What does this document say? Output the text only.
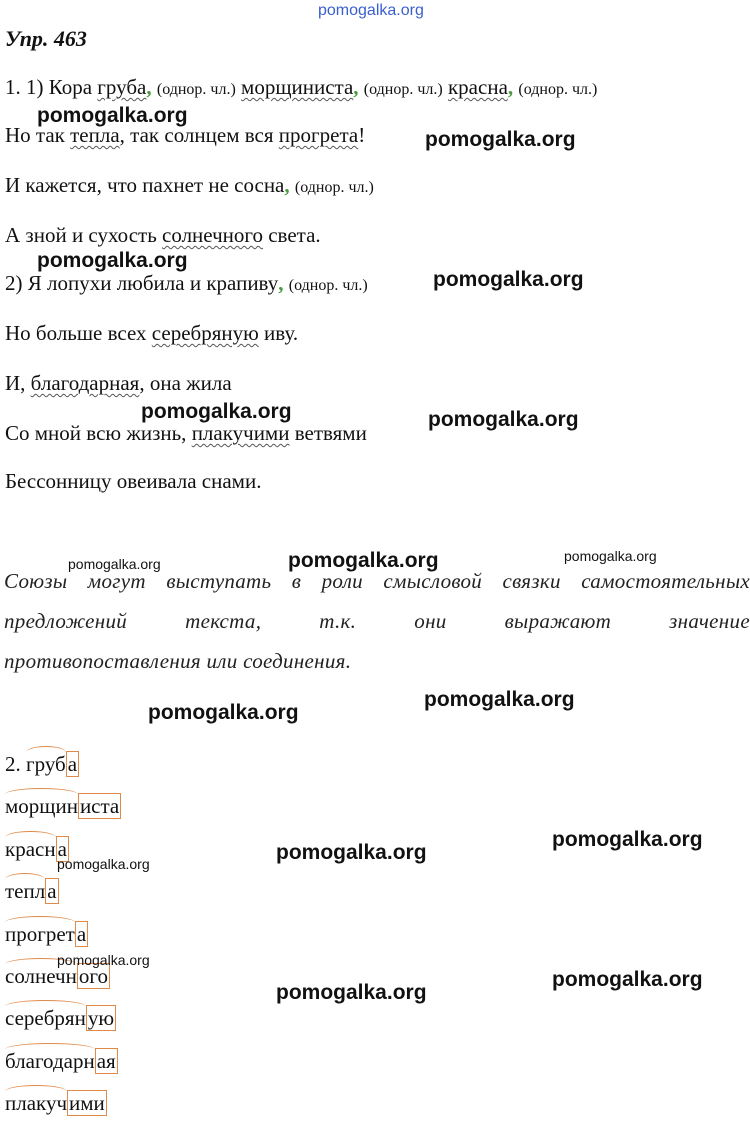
pomogalka.org
Упр. 463
1. 1) Кора груба, (однор. чл.) морщиниста, (однор. чл.) красна, (однор. чл.)
Но так тепла, так солнцем вся прогрета!
И кажется, что пахнет не сосна, (однор. чл.)
А зной и сухость солнечного света.
2) Я лопухи любила и крапиву, (однор. чл.)
Но больше всех серебряную иву.
И, благодарная, она жила
Со мной всю жизнь, плакучими ветвями
Бессонницу овеивала снами.
Союзы могут выступать в роли смысловой связки самостоятельных
предложений	текста,	т.к.	они	выражают	значение
противопоставления или соединения.
2. груб
а
морщин
иста
красн
а
тепл
а
прогрет
а
солнечн
ого
серебрян
ую
благодарн
ая
плакуч
ими
pomogalka.org
pomogalka.org
pomogalka.org
pomogalka.org
pomogalka.org	pomogalka.org
pomogalka.org	pomogalka.org	pomogalka.org
pomogalka.org
pomogalka.org
pomogalka.org
pomogalka.org
pomogalka.org
pomogalka.org
pomogalka.org
pomogalka.org
